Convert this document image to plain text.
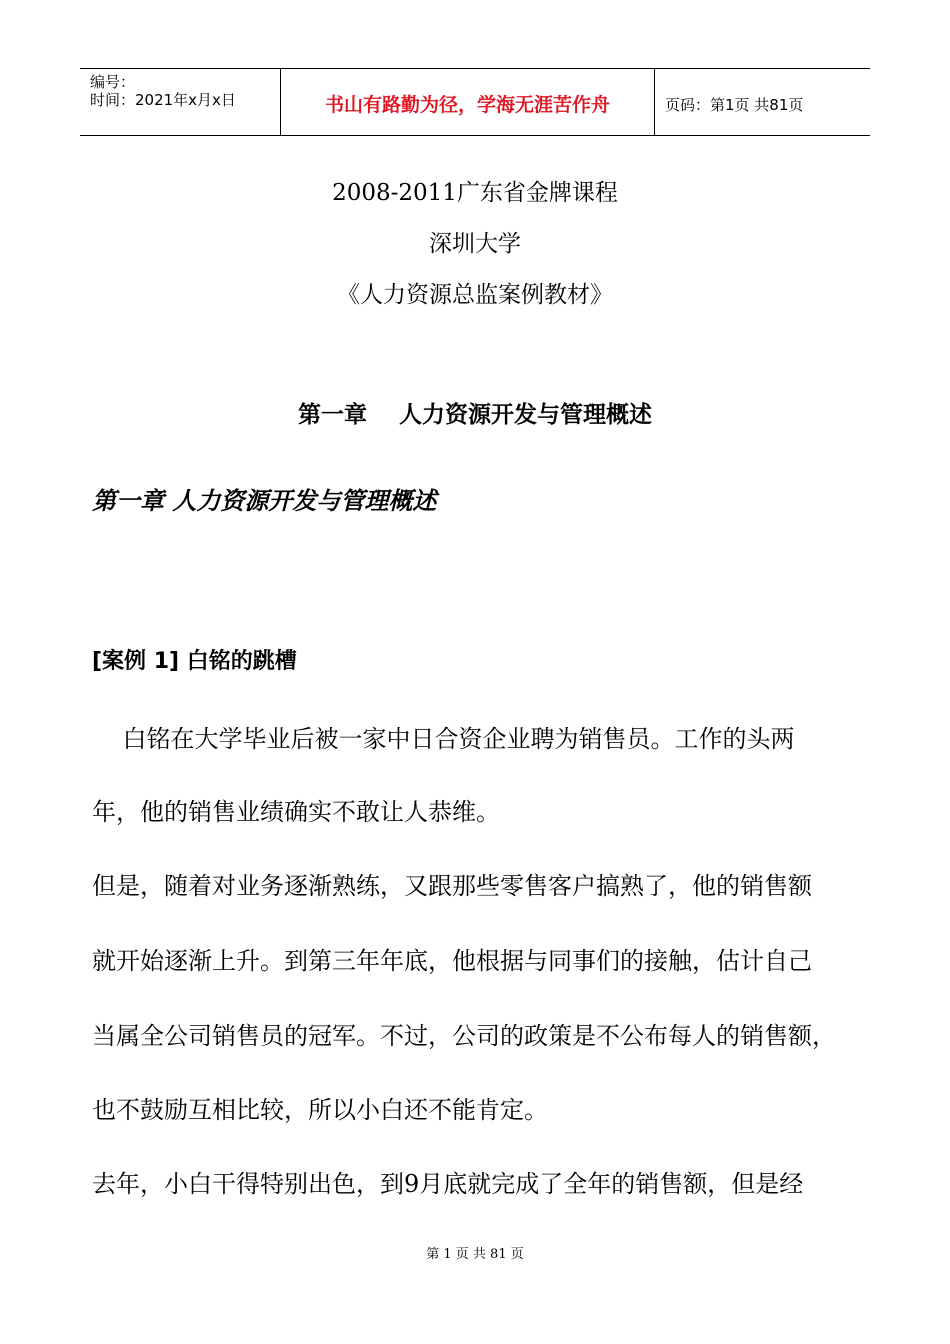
编号：
时间：2021年x月x日	书山有路勤为径，学海无涯苦作舟	页码：第1页 共81页
2008-2011广东省金牌课程
深圳大学
《人力资源总监案例教材》
第一章    人力资源开发与管理概述
第一章 人力资源开发与管理概述
[案例 1] 白铭的跳槽
白铭在大学毕业后被一家中日合资企业聘为销售员。工作的头两
年，他的销售业绩确实不敢让人恭维。
但是，随着对业务逐渐熟练，又跟那些零售客户搞熟了，他的销售额
就开始逐渐上升。到第三年年底，他根据与同事们的接触，估计自己
当属全公司销售员的冠军。不过，公司的政策是不公布每人的销售额，
也不鼓励互相比较，所以小白还不能肯定。
去年，小白干得特别出色，到9月底就完成了全年的销售额，但是经
第 1 页 共 81 页
